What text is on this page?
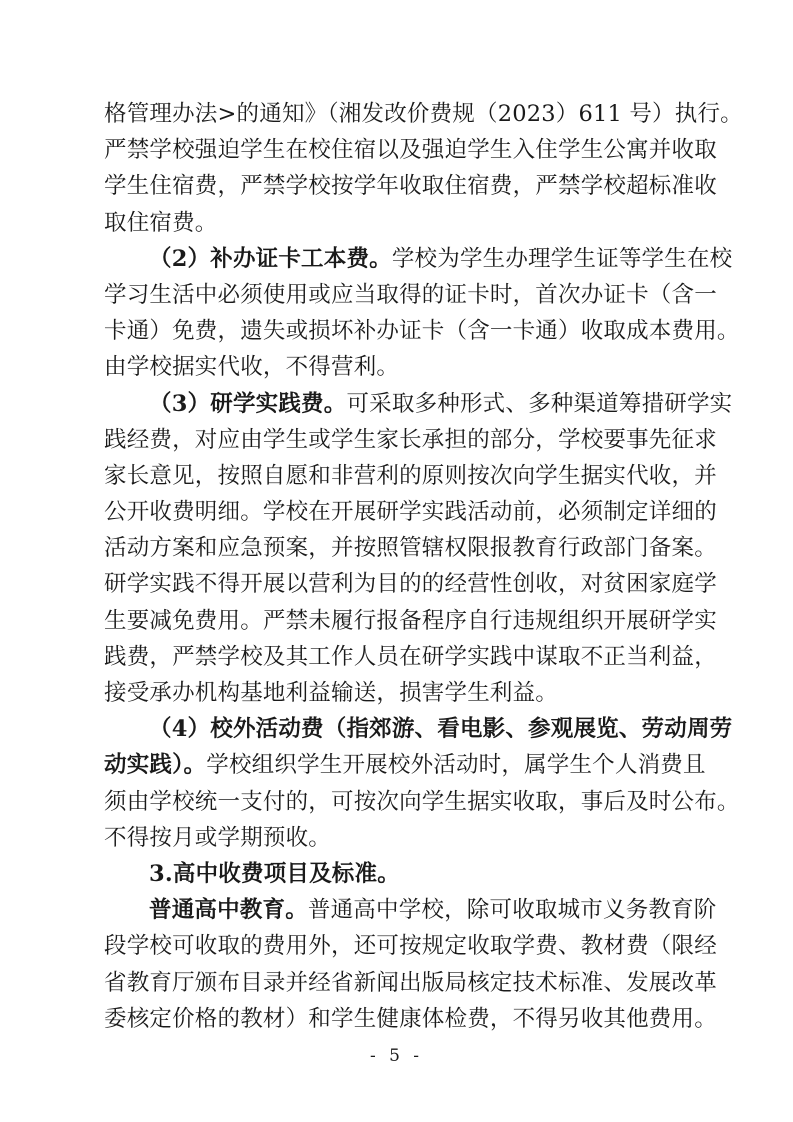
格管理办法>的通知》（湘发改价费规（2023）611 号）执行。
严禁学校强迫学生在校住宿以及强迫学生入住学生公寓并收取
学生住宿费，严禁学校按学年收取住宿费，严禁学校超标准收
取住宿费。
（2）补办证卡工本费。学校为学生办理学生证等学生在校
学习生活中必须使用或应当取得的证卡时，首次办证卡（含一
卡通）免费，遗失或损坏补办证卡（含一卡通）收取成本费用。
由学校据实代收，不得营利。
（3）研学实践费。可采取多种形式、多种渠道筹措研学实
践经费，对应由学生或学生家长承担的部分，学校要事先征求
家长意见，按照自愿和非营利的原则按次向学生据实代收，并
公开收费明细。学校在开展研学实践活动前，必须制定详细的
活动方案和应急预案，并按照管辖权限报教育行政部门备案。
研学实践不得开展以营利为目的的经营性创收，对贫困家庭学
生要减免费用。严禁未履行报备程序自行违规组织开展研学实
践费，严禁学校及其工作人员在研学实践中谋取不正当利益，
接受承办机构基地利益输送，损害学生利益。
（4）校外活动费（指郊游、看电影、参观展览、劳动周劳
动实践）。学校组织学生开展校外活动时，属学生个人消费且
须由学校统一支付的，可按次向学生据实收取，事后及时公布。
不得按月或学期预收。
3.高中收费项目及标准。
普通高中教育。普通高中学校，除可收取城市义务教育阶
段学校可收取的费用外，还可按规定收取学费、教材费（限经
省教育厅颁布目录并经省新闻出版局核定技术标准、发展改革
委核定价格的教材）和学生健康体检费，不得另收其他费用。
- 5 -
